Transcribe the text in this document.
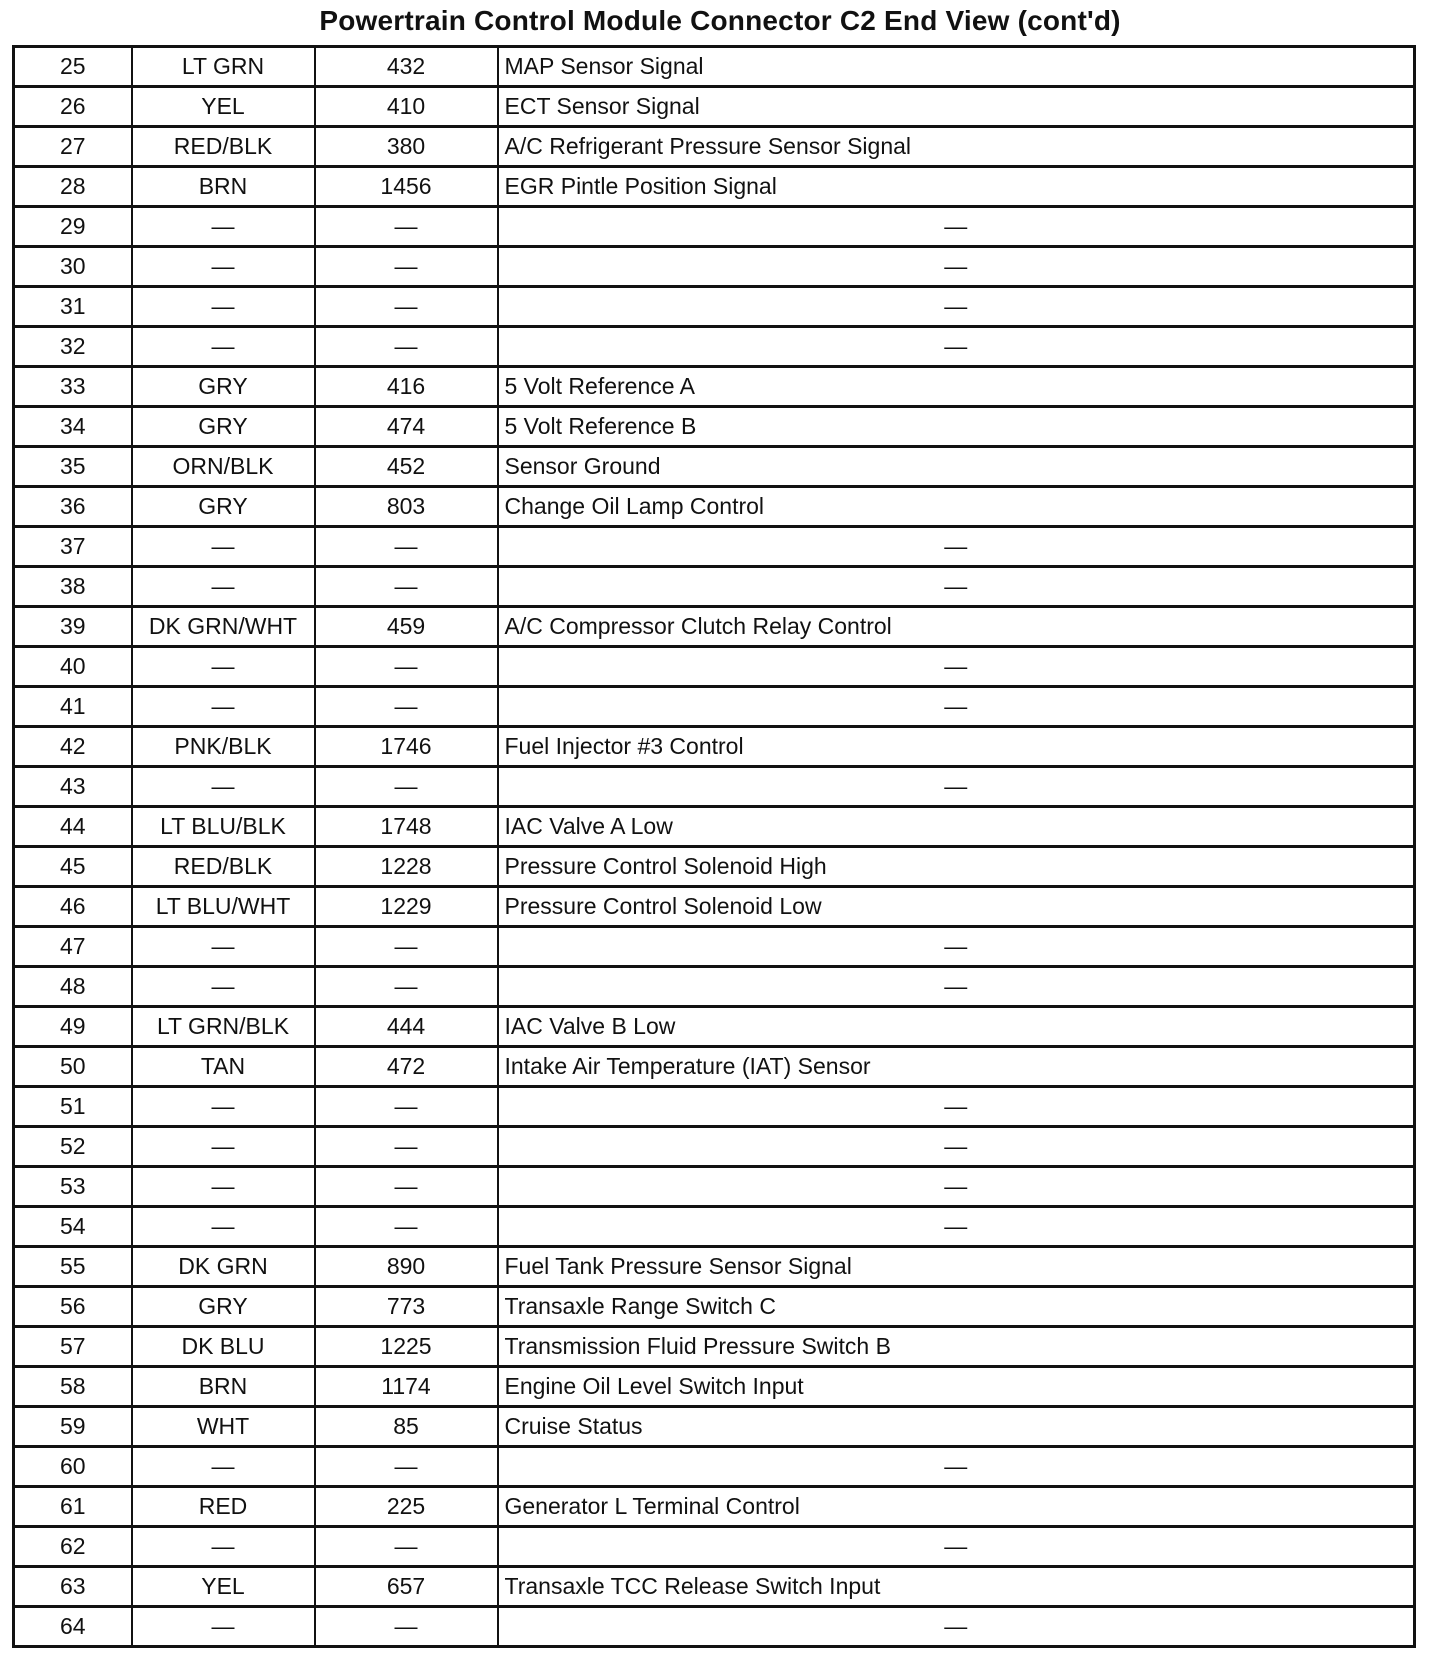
Powertrain Control Module Connector C2 End View (cont'd)
25	LT GRN	432	MAP Sensor Signal
26	YEL	410	ECT Sensor Signal
27	RED/BLK	380	A/C Refrigerant Pressure Sensor Signal
28	BRN	1456	EGR Pintle Position Signal
29	—	—	—
30	—	—	—
31	—	—	—
32	—	—	—
33	GRY	416	5 Volt Reference A
34	GRY	474	5 Volt Reference B
35	ORN/BLK	452	Sensor Ground
36	GRY	803	Change Oil Lamp Control
37	—	—	—
38	—	—	—
39	DK GRN/WHT	459	A/C Compressor Clutch Relay Control
40	—	—	—
41	—	—	—
42	PNK/BLK	1746	Fuel Injector #3 Control
43	—	—	—
44	LT BLU/BLK	1748	IAC Valve A Low
45	RED/BLK	1228	Pressure Control Solenoid High
46	LT BLU/WHT	1229	Pressure Control Solenoid Low
47	—	—	—
48	—	—	—
49	LT GRN/BLK	444	IAC Valve B Low
50	TAN	472	Intake Air Temperature (IAT) Sensor
51	—	—	—
52	—	—	—
53	—	—	—
54	—	—	—
55	DK GRN	890	Fuel Tank Pressure Sensor Signal
56	GRY	773	Transaxle Range Switch C
57	DK BLU	1225	Transmission Fluid Pressure Switch B
58	BRN	1174	Engine Oil Level Switch Input
59	WHT	85	Cruise Status
60	—	—	—
61	RED	225	Generator L Terminal Control
62	—	—	—
63	YEL	657	Transaxle TCC Release Switch Input
64	—	—	—
